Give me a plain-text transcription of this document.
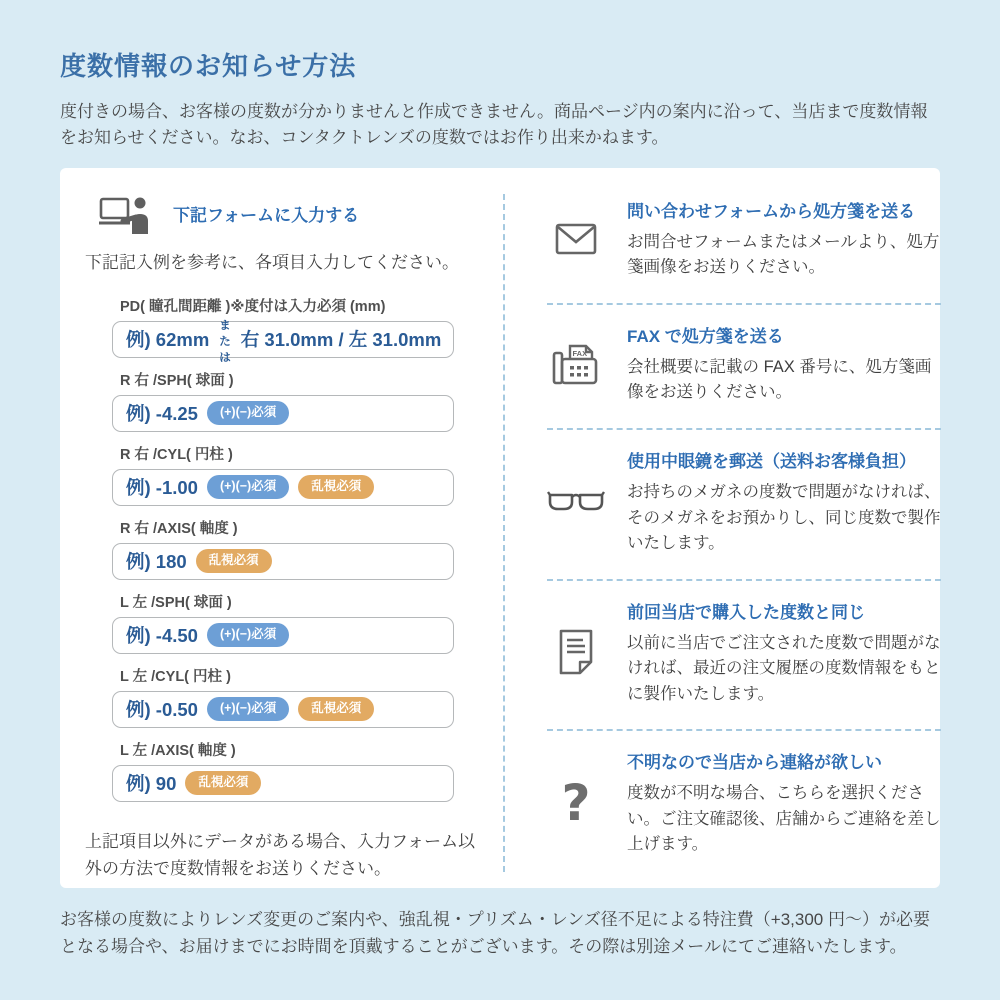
度数情報のお知らせ方法
度付きの場合、お客様の度数が分かりませんと作成できません。商品ページ内の案内に沿って、当店まで度数情報をお知らせください。なお、コンタクトレンズの度数ではお作り出来かねます。
下記フォームに入力する
下記記入例を参考に、各項目入力してください。
PD( 瞳孔間距離 )※度付は入力必須 (mm)
例) 62mm
または
右 31.0mm / 左 31.0mm
R 右 /SPH( 球面 )
例) -4.25	(+)(−)必須
R 右 /CYL( 円柱 )
例) -1.00	(+)(−)必須	乱視必須
R 右 /AXIS( 軸度 )
例) 180	乱視必須
L 左 /SPH( 球面 )
例) -4.50	(+)(−)必須
L 左 /CYL( 円柱 )
例) -0.50	(+)(−)必須	乱視必須
L 左 /AXIS( 軸度 )
例) 90	乱視必須
上記項目以外にデータがある場合、入力フォーム以外の方法で度数情報をお送りください。
問い合わせフォームから処方箋を送る
お問合せフォームまたはメールより、処方箋画像をお送りください。
FAX
FAX で処方箋を送る
会社概要に記載の FAX 番号に、処方箋画像をお送りください。
使用中眼鏡を郵送（送料お客様負担）
お持ちのメガネの度数で問題がなければ、そのメガネをお預かりし、同じ度数で製作いたします。
前回当店で購入した度数と同じ
以前に当店でご注文された度数で問題がなければ、最近の注文履歴の度数情報をもとに製作いたします。
?
不明なので当店から連絡が欲しい
度数が不明な場合、こちらを選択ください。ご注文確認後、店舗からご連絡を差し上げます。
お客様の度数によりレンズ変更のご案内や、強乱視・プリズム・レンズ径不足による特注費（+3,300 円〜）が必要となる場合や、お届けまでにお時間を頂戴することがございます。その際は別途メールにてご連絡いたします。
